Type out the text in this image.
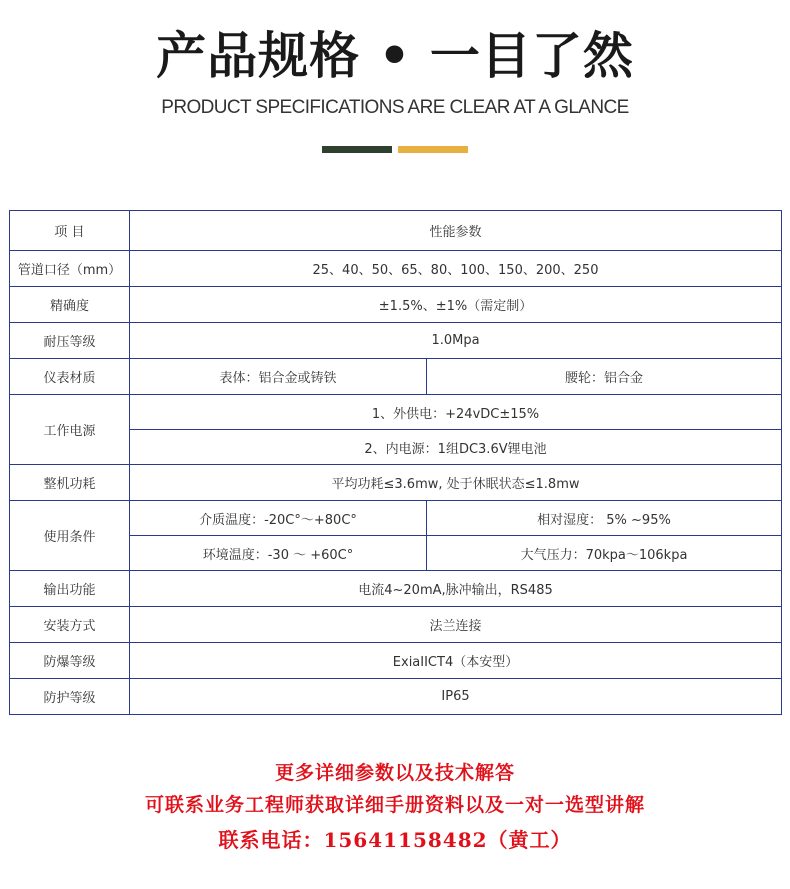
产品规格 • 一目了然
PRODUCT SPECIFICATIONS ARE CLEAR AT A GLANCE
项 目	性能参数	
管道口径（mm）	25、40、50、65、80、100、150、200、250	
精确度	±1.5%、±1%（需定制）	
耐压等级	1.0Mpa	
仪表材质	表体：铝合金或铸铁	腰轮：铝合金
工作电源	1、外供电：+24vDC±15%	
	2、内电源：1组DC3.6V锂电池	
整机功耗	平均功耗≤3.6mw, 处于休眠状态≤1.8mw	
使用条件	介质温度：-20C°～+80C°	相对湿度： 5% ~95%
	环境温度：-30 ～ +60C°	大气压力：70kpa～106kpa
输出功能	电流4~20mA,脉冲输出，RS485	
安装方式	法兰连接	
防爆等级	ExiaIICT4（本安型）	
防护等级	IP65	
更多详细参数以及技术解答
可联系业务工程师获取详细手册资料以及一对一选型讲解
联系电话：15641158482（黄工）
